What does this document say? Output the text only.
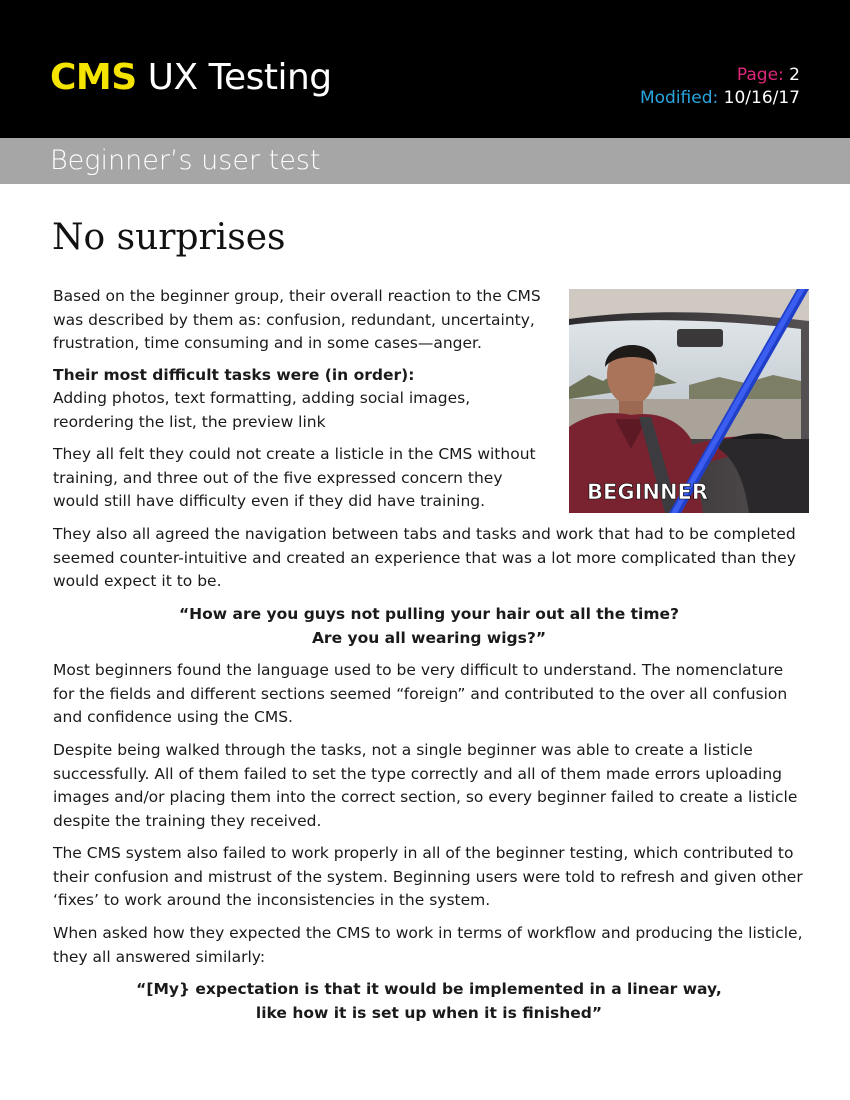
CMS UX Testing	Page: 2
Modified: 10/16/17
Beginner’s user test
No surprises
BEGINNER

Based on the beginner group, their overall reaction to the CMS was described by them as: confusion, redundant, uncertainty, frustration, time consuming and in some cases—anger.

Their most difficult tasks were (in order):

Adding photos, text formatting, adding social images, reordering the list, the preview link

They all felt they could not create a listicle in the CMS without training, and three out of the five expressed concern they would still have difficulty even if they did have training.

They also all agreed the navigation between tabs and tasks and work that had to be completed seemed counter-intuitive and created an experience that was a lot more complicated than they would expect it to be.

“How are you guys not pulling your hair out all the time?
Are you all wearing wigs?”

Most beginners found the language used to be very difficult to understand. The nomenclature for the fields and different sections seemed “foreign” and contributed to the over all confusion and confidence using the CMS.

Despite being walked through the tasks, not a single beginner was able to create a listicle successfully. All of them failed to set the type correctly and all of them made errors uploading images and/or placing them into the correct section, so every beginner failed to create a listicle despite the training they received.

The CMS system also failed to work properly in all of the beginner testing, which contributed to their confusion and mistrust of the system. Beginning users were told to refresh and given other ‘fixes’ to work around the inconsistencies in the system.

When asked how they expected the CMS to work in terms of workflow and producing the listicle, they all answered similarly:

“[My} expectation is that it would be implemented in a linear way,
like how it is set up when it is finished”
